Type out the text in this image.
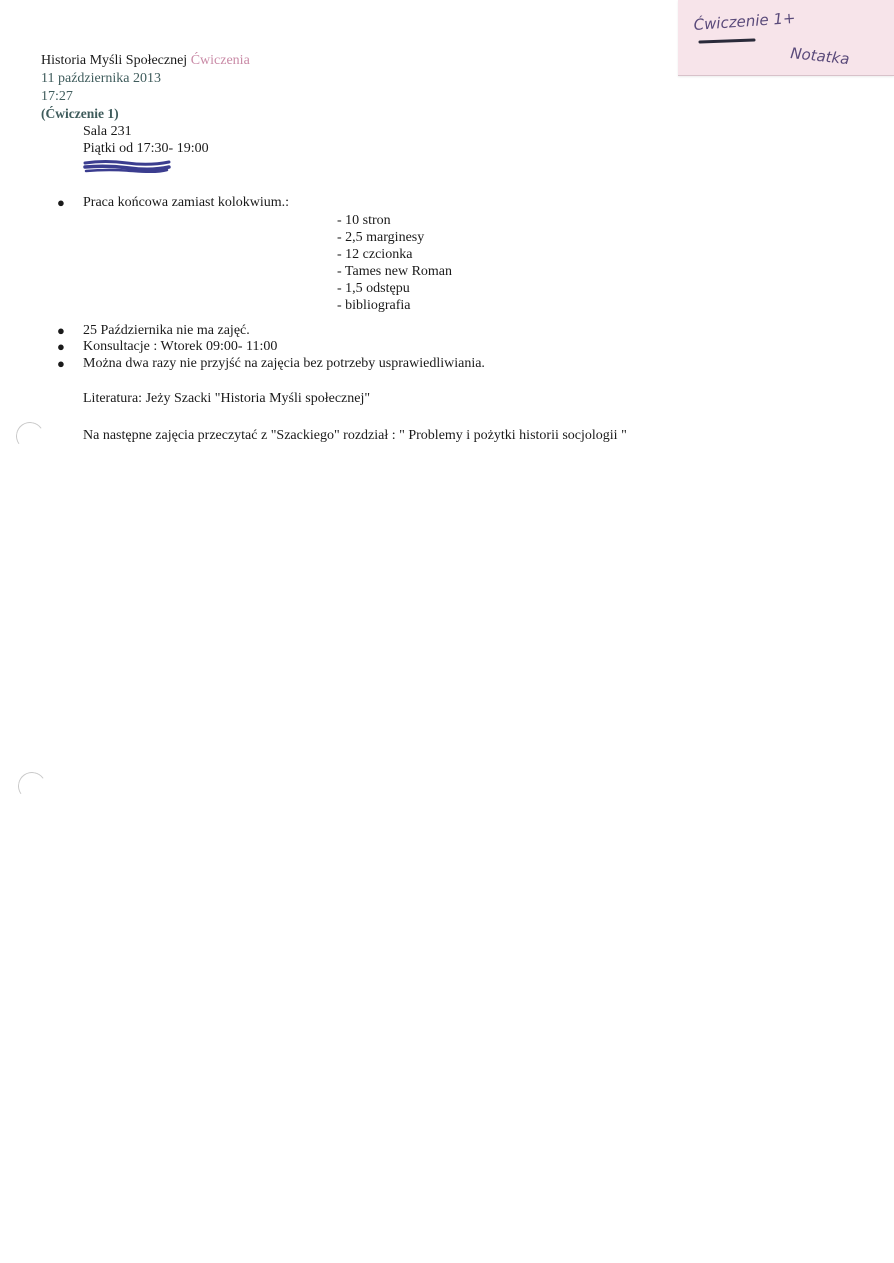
Ćwiczenie 1+
Notatka
Historia Myśli Społecznej Ćwiczenia
11 października 2013
17:27
(Ćwiczenie 1)
Sala 231
Piątki od 17:30- 19:00
● Praca końcowa zamiast kolokwium.:
- 10 stron
- 2,5 marginesy
- 12 czcionka
- Tames new Roman
- 1,5 odstępu
- bibliografia
● 25 Października nie ma zajęć.
● Konsultacje : Wtorek 09:00- 11:00
● Można dwa razy nie przyjść na zajęcia bez potrzeby usprawiedliwiania.
Literatura: Jeży Szacki "Historia Myśli społecznej"
Na następne zajęcia przeczytać z "Szackiego" rozdział : " Problemy i pożytki historii socjologii "
